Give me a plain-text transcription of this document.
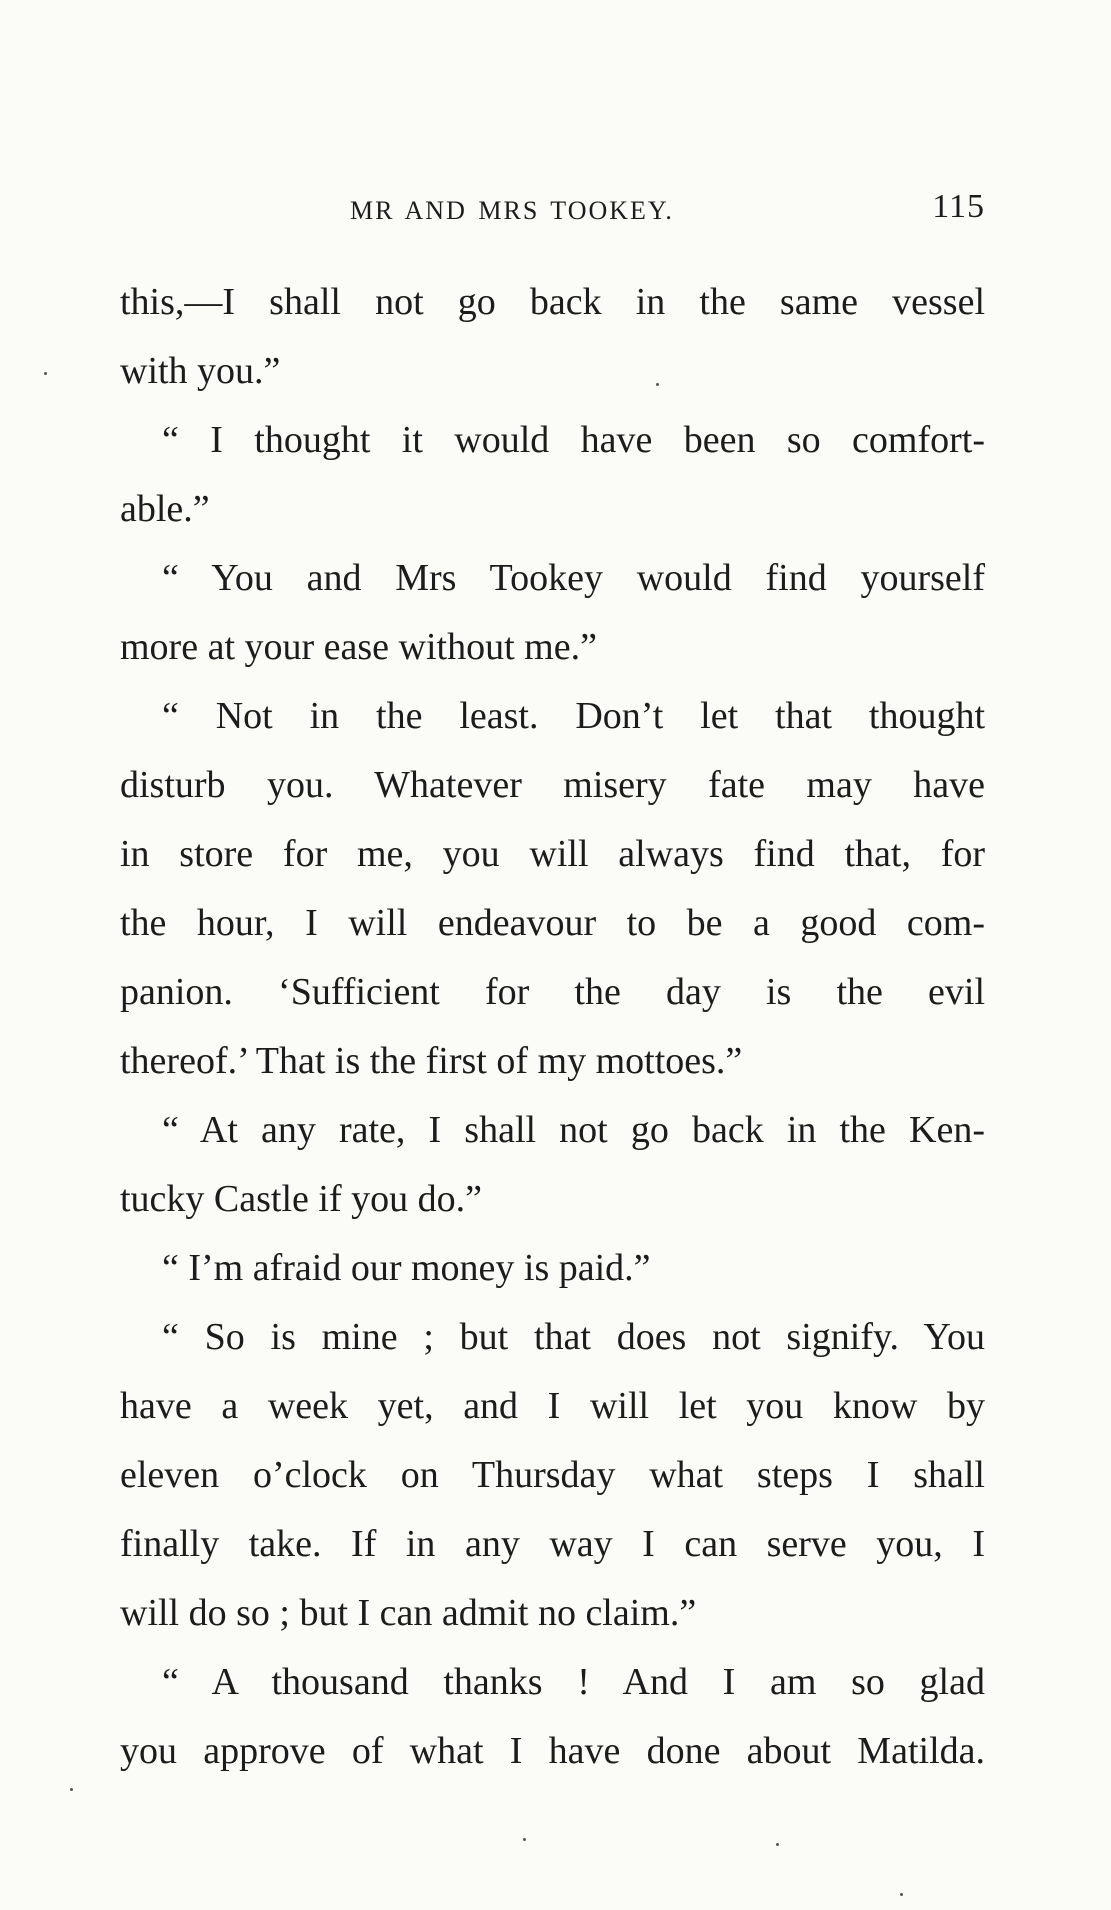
MR AND MRS TOOKEY.	115
this,—I shall not go back in the same vessel
with you.”
“ I thought it would have been so comfort-
able.”
“ You and Mrs Tookey would find yourself
more at your ease without me.”
“ Not in the least. Don’t let that thought
disturb you. Whatever misery fate may have
in store for me, you will always find that, for
the hour, I will endeavour to be a good com-
panion. ‘Sufficient for the day is the evil
thereof.’ That is the first of my mottoes.”
“ At any rate, I shall not go back in the Ken-
tucky Castle if you do.”
“ I’m afraid our money is paid.”
“ So is mine ; but that does not signify. You
have a week yet, and I will let you know by
eleven o’clock on Thursday what steps I shall
finally take. If in any way I can serve you, I
will do so ; but I can admit no claim.”
“ A thousand thanks ! And I am so glad
you approve of what I have done about Matilda.
